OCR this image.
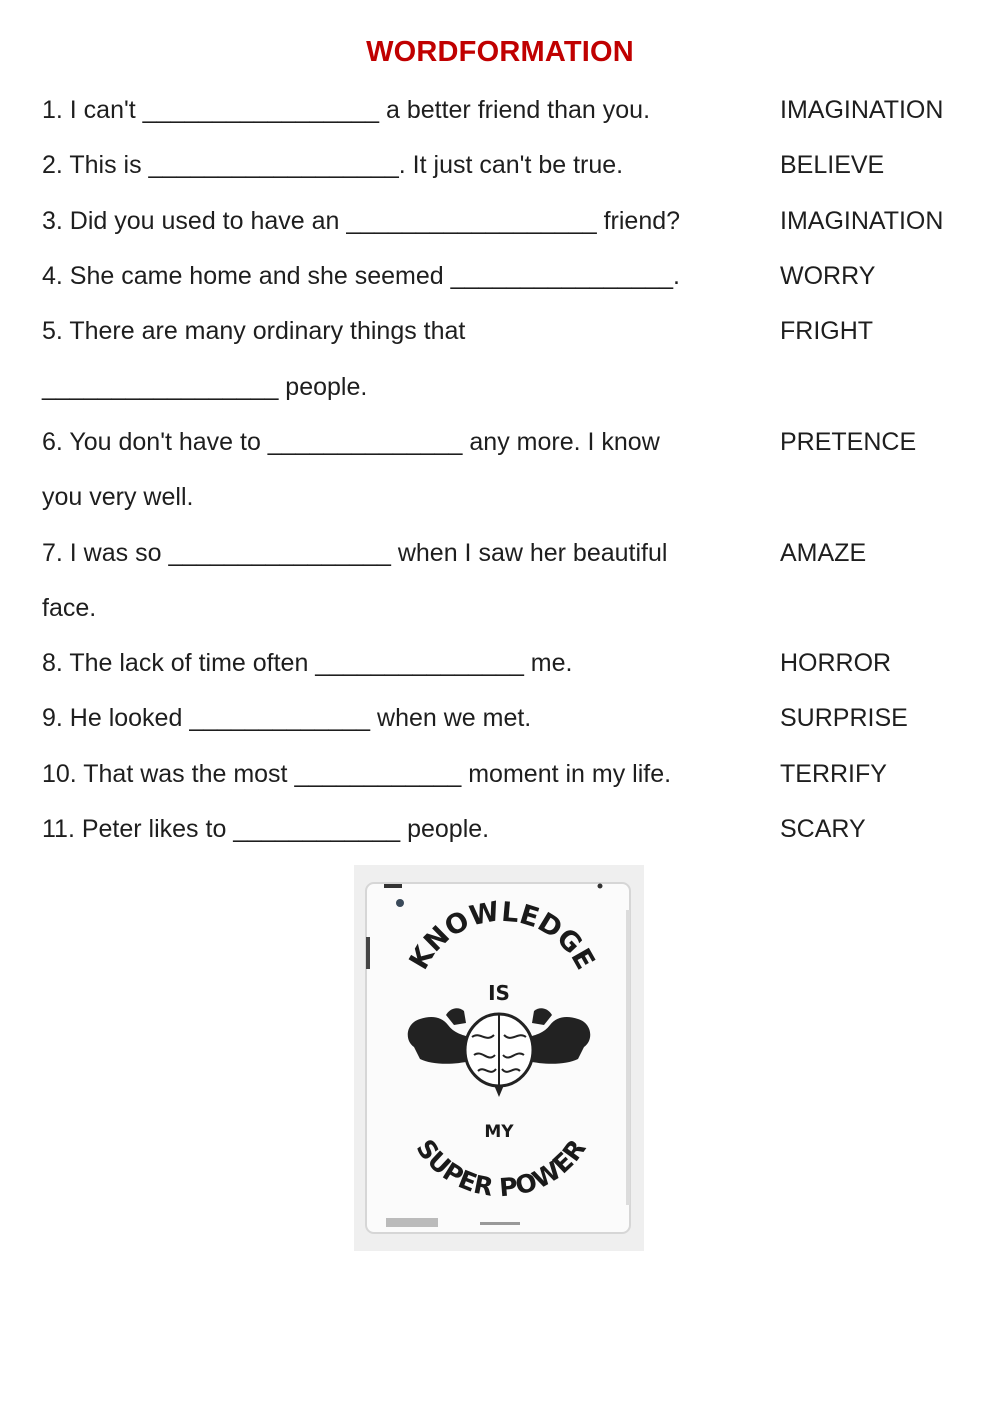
WORDFORMATION
1. I can't _________________ a better friend than you.	IMAGINATION
2. This is __________________. It just can't be true.	BELIEVE
3. Did you used to have an __________________ friend?	IMAGINATION
4. She came home and she seemed ________________.	WORRY
5. There are many ordinary things that	FRIGHT
_________________ people.
6. You don't have to ______________ any more. I know	PRETENCE
you very well.
7. I was so ________________ when I saw her beautiful	AMAZE
face.
8. The lack of time often _______________ me.	HORROR
9. He looked _____________ when we met.	SURPRISE
10. That was the most ____________ moment in my life.	TERRIFY
11. Peter likes to ____________ people.	SCARY
KNOWLEDGE
IS
MY
SUPER POWER
